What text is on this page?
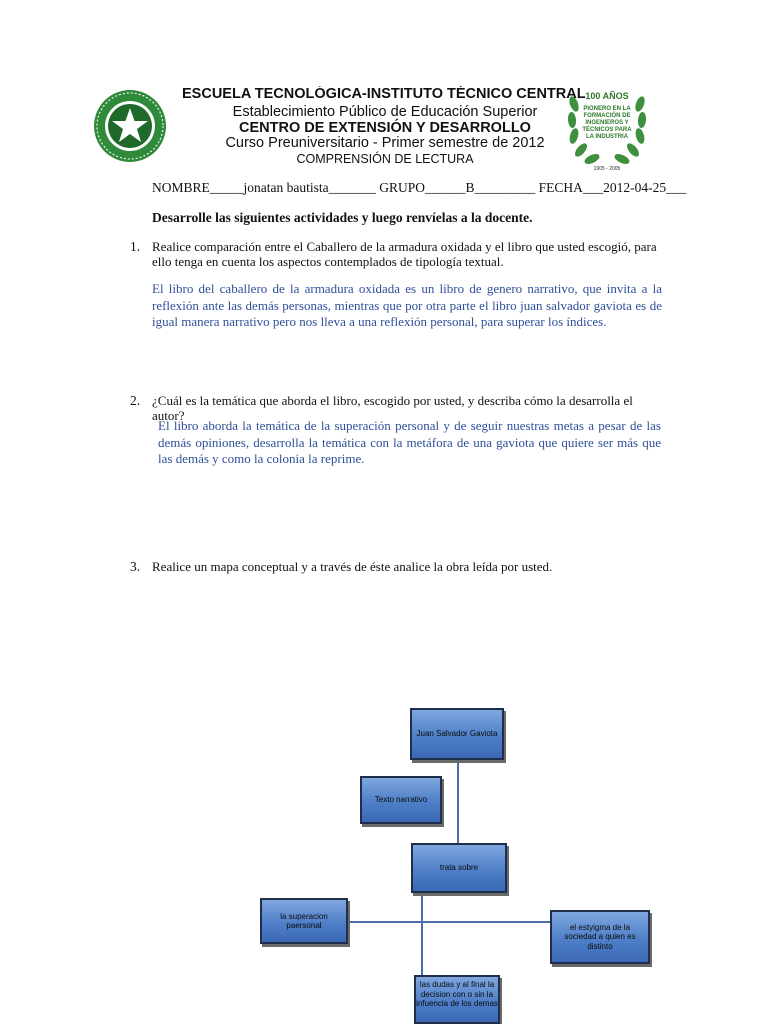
100 AÑOS
PIONERO EN LA
FORMACIÓN DE
INGENIEROS Y
TÉCNICOS PARA
LA INDUSTRIA
1905 - 2005
ESCUELA TECNOLÓGICA-INSTITUTO TÉCNICO CENTRAL
Establecimiento Público de Educación Superior
CENTRO DE EXTENSIÓN Y DESARROLLO
Curso Preuniversitario - Primer semestre de 2012
COMPRENSIÓN DE LECTURA
NOMBRE_____jonatan bautista_______ GRUPO______B_________ FECHA___2012-04-25___
Desarrolle las siguientes actividades y luego renvíelas a la docente.
1. Realice comparación entre el Caballero de la armadura oxidada y el libro que usted escogió, para ello tenga en cuenta los aspectos contemplados de tipología textual.
El libro del caballero de la armadura oxidada es un libro de genero narrativo, que invita a la reflexión ante las demás personas, mientras que por otra parte el libro juan salvador gaviota es de igual manera narrativo pero nos lleva a una reflexión personal, para superar los índices.
2. ¿Cuál es la temática que aborda el libro, escogido por usted, y describa cómo la desarrolla el autor?
El libro aborda la temática de la superación personal y de seguir nuestras metas a pesar de las demás opiniones, desarrolla la temática con la metáfora de una gaviota que quiere ser más que las demás y como la colonia la reprime.
3. Realice un mapa conceptual y a través de éste analice la obra leída por usted.
Juan Salvador Gaviota
Texto narrativo
trata sobre
la superacion paersonal	el estyigma de la sociedad a quien es distinto
las dudas y al final la decision con o sin la infuencia de los demas
